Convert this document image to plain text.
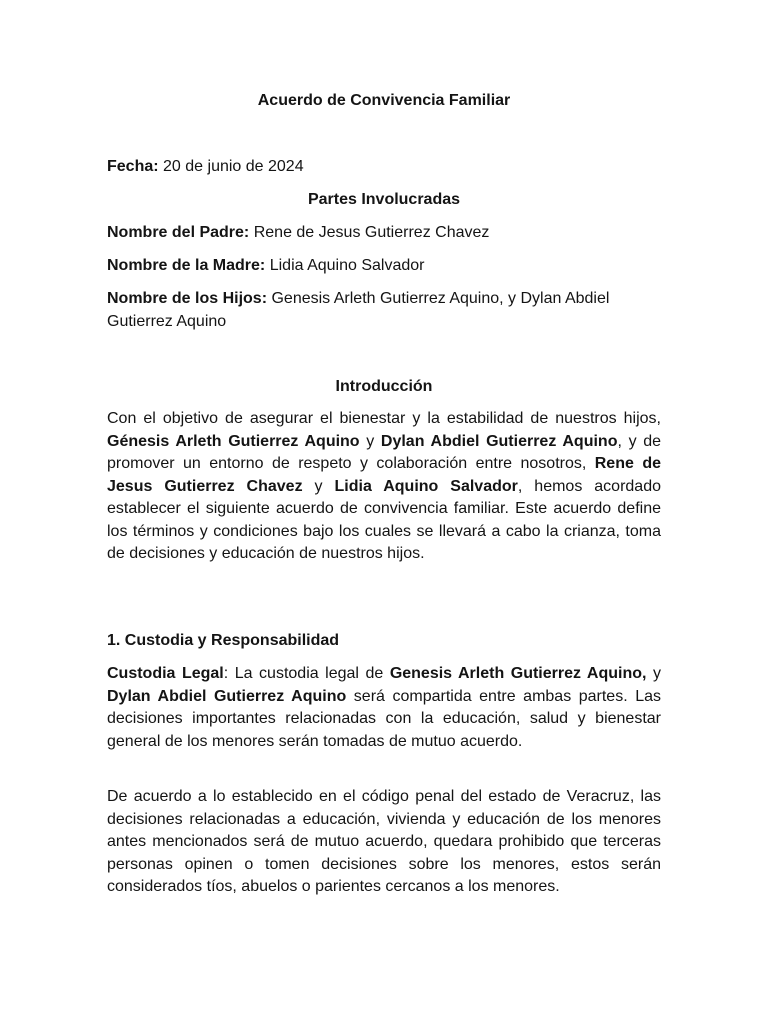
Acuerdo de Convivencia Familiar
Fecha: 20 de junio de 2024
Partes Involucradas
Nombre del Padre: Rene de Jesus Gutierrez Chavez
Nombre de la Madre: Lidia Aquino Salvador
Nombre de los Hijos: Genesis Arleth Gutierrez Aquino, y Dylan Abdiel Gutierrez Aquino
Introducción
Con el objetivo de asegurar el bienestar y la estabilidad de nuestros hijos, Génesis Arleth Gutierrez Aquino y Dylan Abdiel Gutierrez Aquino, y de promover un entorno de respeto y colaboración entre nosotros, Rene de Jesus Gutierrez Chavez y Lidia Aquino Salvador, hemos acordado establecer el siguiente acuerdo de convivencia familiar. Este acuerdo define los términos y condiciones bajo los cuales se llevará a cabo la crianza, toma de decisiones y educación de nuestros hijos.
1. Custodia y Responsabilidad
Custodia Legal: La custodia legal de Genesis Arleth Gutierrez Aquino, y Dylan Abdiel Gutierrez Aquino será compartida entre ambas partes. Las decisiones importantes relacionadas con la educación, salud y bienestar general de los menores serán tomadas de mutuo acuerdo.
De acuerdo a lo establecido en el código penal del estado de Veracruz, las decisiones relacionadas a educación, vivienda y educación de los menores antes mencionados será de mutuo acuerdo, quedara prohibido que terceras personas opinen o tomen decisiones sobre los menores, estos serán considerados tíos, abuelos o parientes cercanos a los menores.
